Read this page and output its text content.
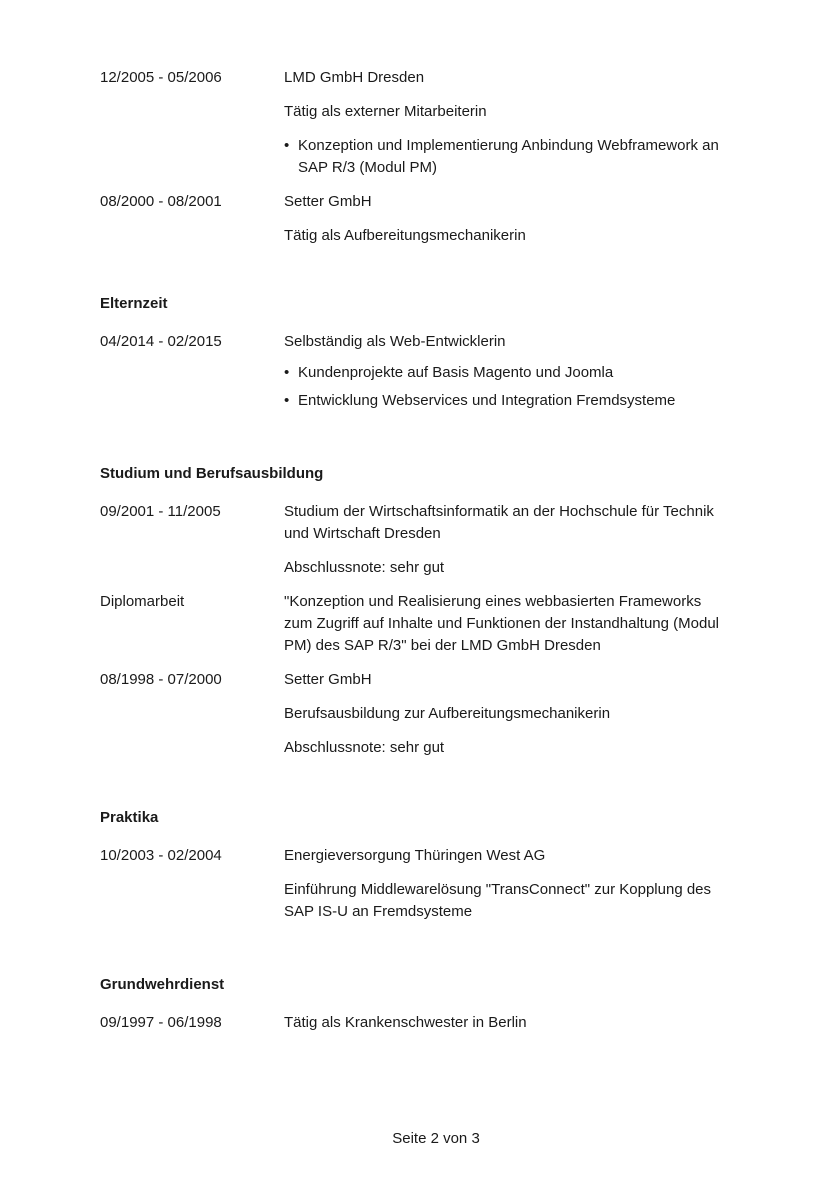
12/2005 - 05/2006	LMD GmbH Dresden

Tätig als externer Mitarbeiterin

• Konzeption und Implementierung Anbindung Webframework an SAP R/3 (Modul PM)
08/2000 - 08/2001	Setter GmbH

Tätig als Aufbereitungsmechanikerin

Elternzeit

04/2014 - 02/2015	Selbständig als Web-Entwicklerin

• Kundenprojekte auf Basis Magento und Joomla
• Entwicklung Webservices und Integration Fremdsysteme

Studium und Berufsausbildung

09/2001 - 11/2005	Studium der Wirtschaftsinformatik an der Hochschule für Technik und Wirtschaft Dresden

Abschlussnote: sehr gut

Diplomarbeit	"Konzeption und Realisierung eines webbasierten Frameworks zum Zugriff auf Inhalte und Funktionen der Instandhaltung (Modul PM) des SAP R/3" bei der LMD GmbH Dresden

08/1998 - 07/2000	Setter GmbH

Berufsausbildung zur Aufbereitungsmechanikerin

Abschlussnote: sehr gut

Praktika

10/2003 - 02/2004	Energieversorgung Thüringen West AG

Einführung Middlewarelösung "TransConnect" zur Kopplung des SAP IS-U an Fremdsysteme

Grundwehrdienst

09/1997 - 06/1998	Tätig als Krankenschwester in Berlin

Seite 2 von 3
